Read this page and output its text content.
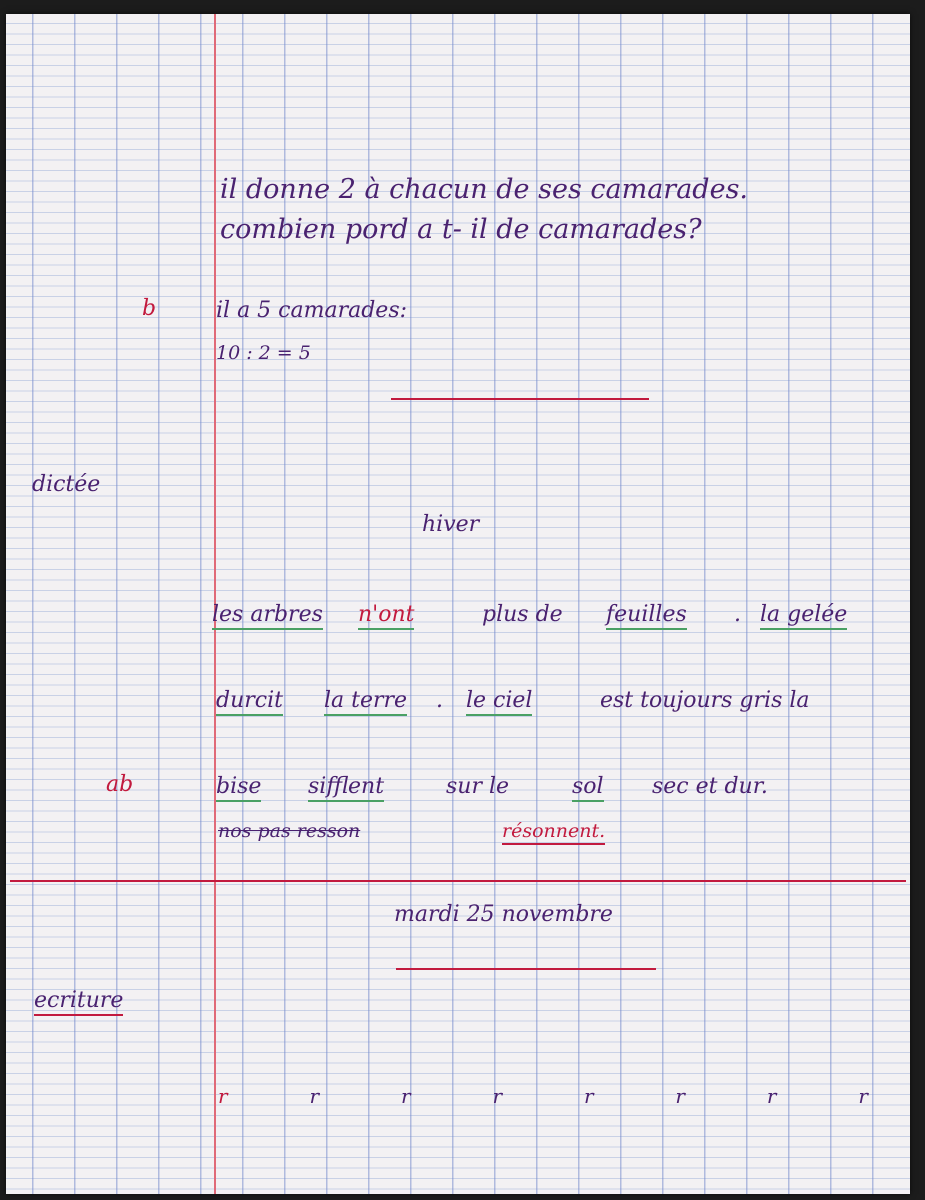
il donne 2 à chacun de ses camarades.
combien pord a t- il de camarades?
b	il a 5 camarades:
10 : 2 = 5
dictée
hiver
les arbres n'ont	plus de feuilles . la gelée
durcit la terre . le ciel	est toujours gris la
ab	bise sifflent	sur le	sol sec et dur.
nos pas resson	résonnent.
mardi 25 novembre
ecriture
r	r	r	r	r	r	r	r
